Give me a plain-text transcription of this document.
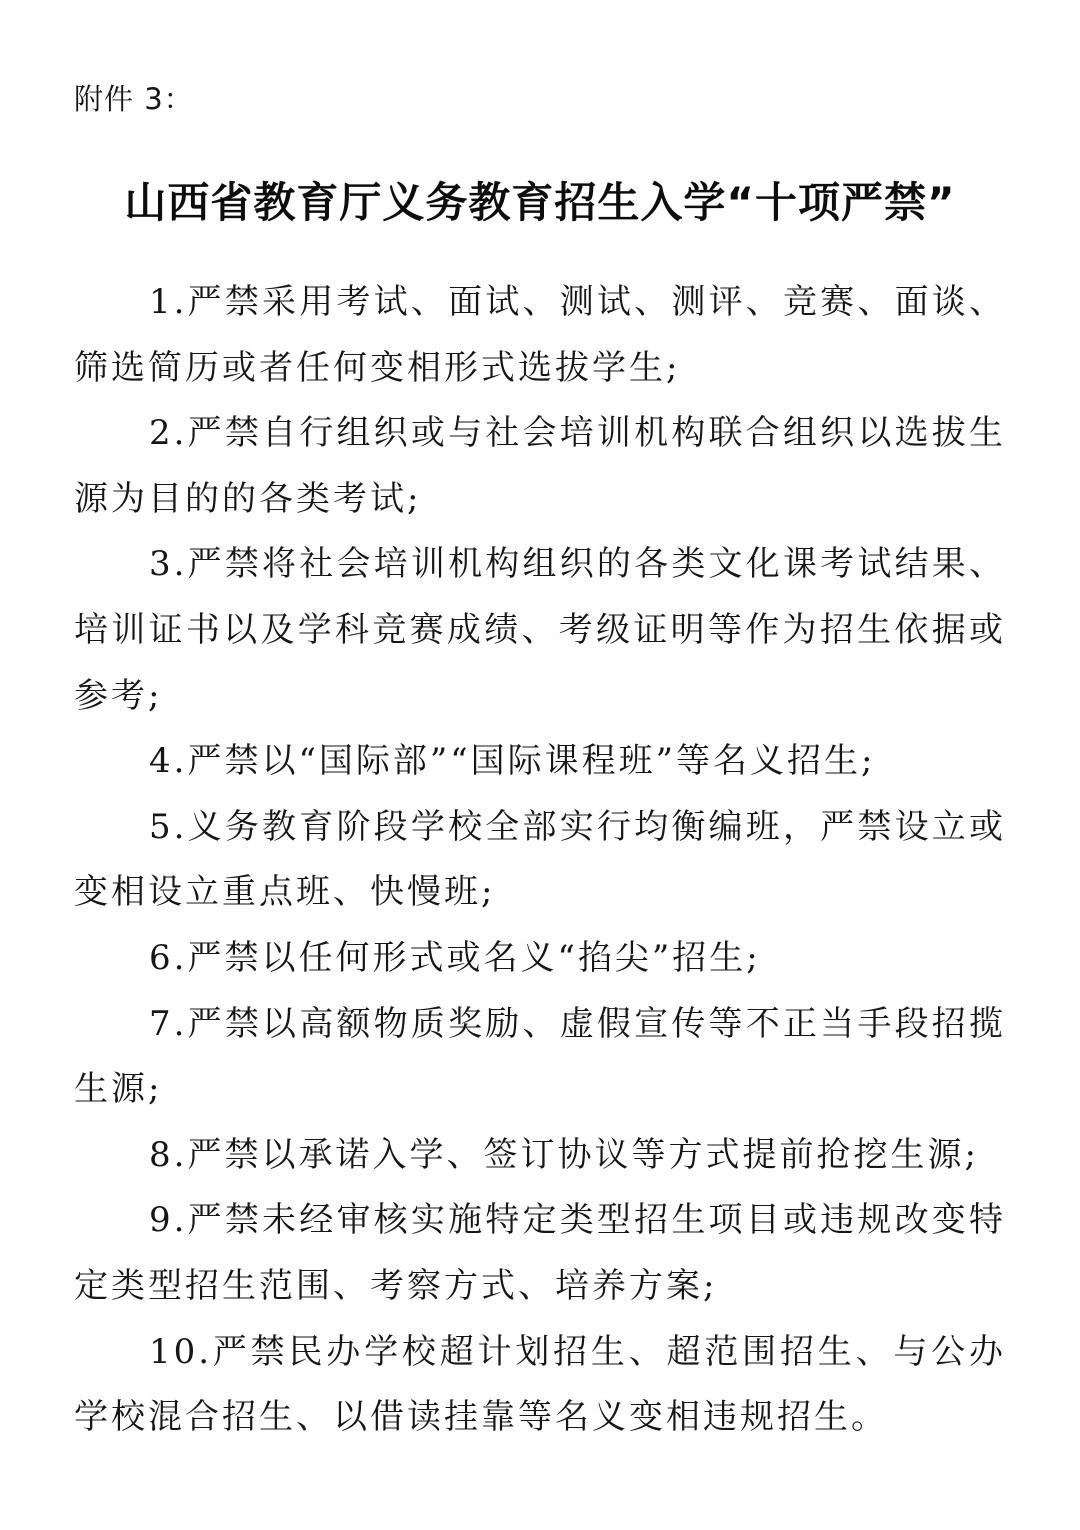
附件 3：
山西省教育厅义务教育招生入学“十项严禁”

1.严禁采用考试、面试、测试、测评、竞赛、面谈、筛选简历或者任何变相形式选拔学生;

2.严禁自行组织或与社会培训机构联合组织以选拔生源为目的的各类考试;

3.严禁将社会培训机构组织的各类文化课考试结果、培训证书以及学科竞赛成绩、考级证明等作为招生依据或参考;

4.严禁以“国际部”“国际课程班”等名义招生;

5.义务教育阶段学校全部实行均衡编班，严禁设立或变相设立重点班、快慢班;

6.严禁以任何形式或名义“掐尖”招生;

7.严禁以高额物质奖励、虚假宣传等不正当手段招揽生源;

8.严禁以承诺入学、签订协议等方式提前抢挖生源;

9.严禁未经审核实施特定类型招生项目或违规改变特定类型招生范围、考察方式、培养方案;

10.严禁民办学校超计划招生、超范围招生、与公办学校混合招生、以借读挂靠等名义变相违规招生。
